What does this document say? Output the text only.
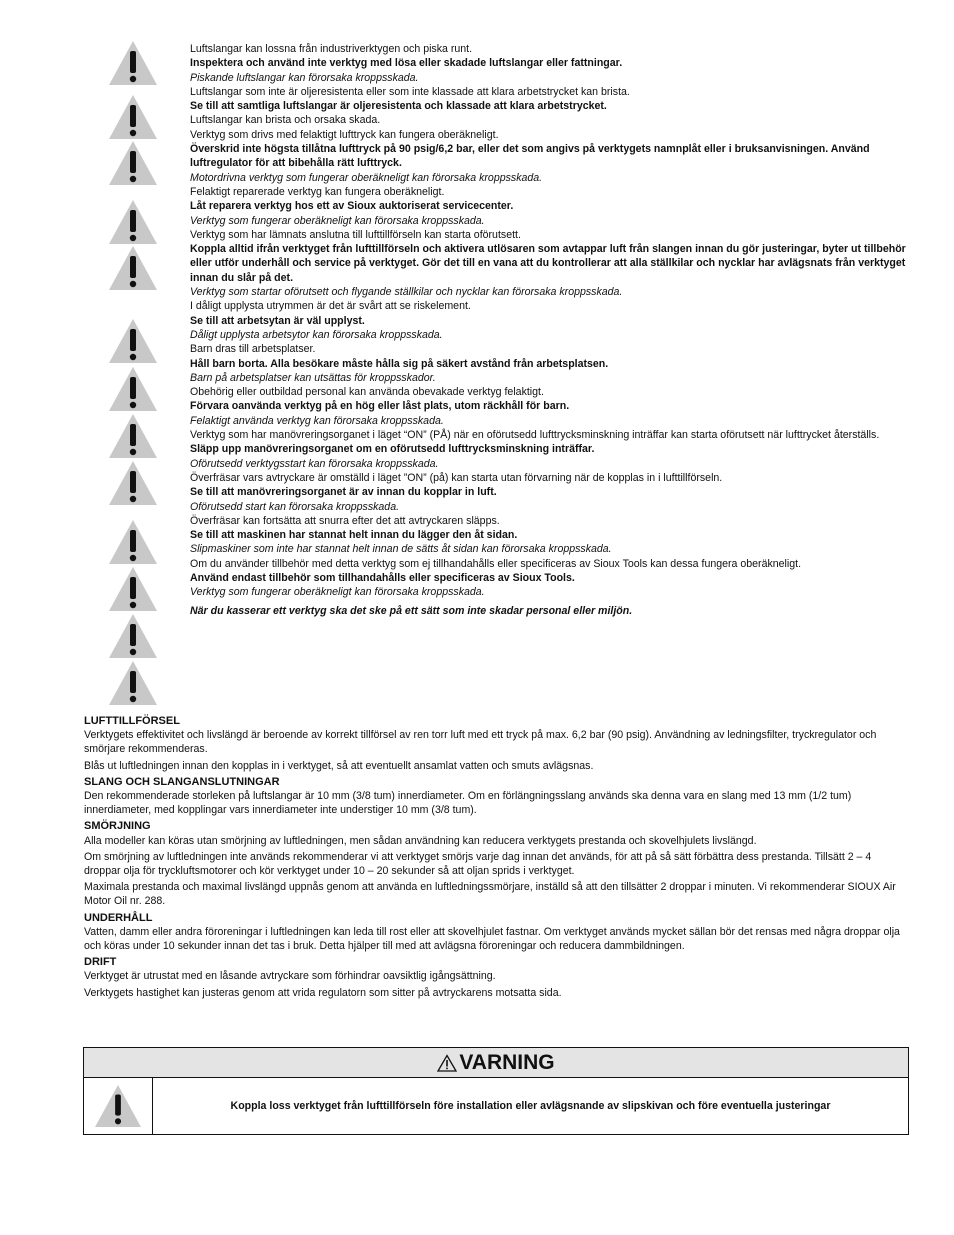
Luftslangar kan lossna från industriverktygen och piska runt.
Inspektera och använd inte verktyg med lösa eller skadade luftslangar eller fattningar.
Piskande luftslangar kan förorsaka kroppsskada.
Luftslangar som inte är oljeresistenta eller som inte klassade att klara arbetstrycket kan brista.
Se till att samtliga luftslangar är oljeresistenta och klassade att klara arbetstrycket.
Luftslangar kan brista och orsaka skada.
Verktyg som drivs med felaktigt lufttryck kan fungera oberäkneligt.
Överskrid inte högsta tillåtna lufttryck på 90 psig/6,2 bar, eller det som angivs på verktygets namnplåt eller i bruksanvisningen. Använd luftregulator för att bibehålla rätt lufttryck.
Motordrivna verktyg som fungerar oberäkneligt kan förorsaka kroppsskada.
Felaktigt reparerade verktyg kan fungera oberäkneligt.
Låt reparera verktyg hos ett av Sioux auktoriserat servicecenter.
Verktyg som fungerar oberäkneligt kan förorsaka kroppsskada.
Verktyg som har lämnats anslutna till lufttillförseln kan starta oförutsett.
Koppla alltid ifrån verktyget från lufttillförseln och aktivera utlösaren som avtappar luft från slangen innan du gör justeringar, byter ut tillbehör eller utför underhåll och service på verktyget. Gör det till en vana att du kontrollerar att alla ställkilar och nycklar har avlägsnats från verktyget innan du slår på det.
Verktyg som startar oförutsett och flygande ställkilar och nycklar kan förorsaka kroppsskada.
I dåligt upplysta utrymmen är det är svårt att se riskelement.
Se till att arbetsytan är väl upplyst.
Dåligt upplysta arbetsytor kan förorsaka kroppsskada.
Barn dras till arbetsplatser.
Håll barn borta. Alla besökare måste hålla sig på säkert avstånd från arbetsplatsen.
Barn på arbetsplatser kan utsättas för kroppsskador.
Obehörig eller outbildad personal kan använda obevakade verktyg felaktigt.
Förvara oanvända verktyg på en hög eller låst plats, utom räckhåll för barn.
Felaktigt använda verktyg kan förorsaka kroppsskada.
Verktyg som har manövreringsorganet i läget “ON” (PÅ) när en oförutsedd lufttrycksminskning inträffar kan starta oförutsett när lufttrycket återställs.
Släpp upp manövreringsorganet om en oförutsedd lufttrycksminskning inträffar.
Oförutsedd verktygsstart kan förorsaka kroppsskada.
Överfräsar vars avtryckare är omställd i läget ”ON” (på) kan starta utan förvarning när de kopplas in i lufttillförseln.
Se till att manövreringsorganet är av innan du kopplar in luft.
Oförutsedd start kan förorsaka kroppsskada.
Överfräsar kan fortsätta att snurra efter det att avtryckaren släpps.
Se till att maskinen har stannat helt innan du lägger den åt sidan.
Slipmaskiner som inte har stannat helt innan de sätts åt sidan kan förorsaka kroppsskada.
Om du använder tillbehör med detta verktyg som ej tillhandahålls eller specificeras av Sioux Tools kan dessa fungera oberäkneligt.
Använd endast tillbehör som tillhandahålls eller specificeras av Sioux Tools.
Verktyg som fungerar oberäkneligt kan förorsaka kroppsskada.
När du kasserar ett verktyg ska det ske på ett sätt som inte skadar personal eller miljön.
LUFTTILLFÖRSEL

Verktygets effektivitet och livslängd är beroende av korrekt tillförsel av ren torr luft med ett tryck på max. 6,2 bar (90 psig). Användning av ledningsfilter, tryckregulator och smörjare rekommenderas.

Blås ut luftledningen innan den kopplas in i verktyget, så att eventuellt ansamlat vatten och smuts avlägsnas.

SLANG OCH SLANGANSLUTNINGAR

Den rekommenderade storleken på luftslangar är 10 mm (3/8 tum) innerdiameter. Om en förlängningsslang används ska denna vara en slang med 13 mm (1/2 tum) innerdiameter, med kopplingar vars innerdiameter inte understiger 10 mm (3/8 tum).

SMÖRJNING

Alla modeller kan köras utan smörjning av luftledningen, men sådan användning kan reducera verktygets prestanda och skovelhjulets livslängd.

Om smörjning av luftledningen inte används rekommenderar vi att verktyget smörjs varje dag innan det används, för att på så sätt förbättra dess prestanda. Tillsätt 2 – 4 droppar olja för tryckluftsmotorer och kör verktyget under 10 – 20 sekunder så att oljan sprids i verktyget.

Maximala prestanda och maximal livslängd uppnås genom att använda en luftledningssmörjare, inställd så att den tillsätter 2 droppar i minuten. Vi rekommenderar SIOUX Air Motor Oil nr. 288.

UNDERHÅLL

Vatten, damm eller andra föroreningar i luftledningen kan leda till rost eller att skovelhjulet fastnar. Om verktyget används mycket sällan bör det rensas med några droppar olja och köras under 10 sekunder innan det tas i bruk. Detta hjälper till med att avlägsna föroreningar och reducera dammbildningen.

DRIFT

Verktyget är utrustat med en låsande avtryckare som förhindrar oavsiktlig igångsättning.

Verktygets hastighet kan justeras genom att vrida regulatorn som sitter på avtryckarens motsatta sida.

VARNING
Koppla loss verktyget från lufttillförseln före installation eller avlägsnande av slipskivan och före eventuella justeringar
